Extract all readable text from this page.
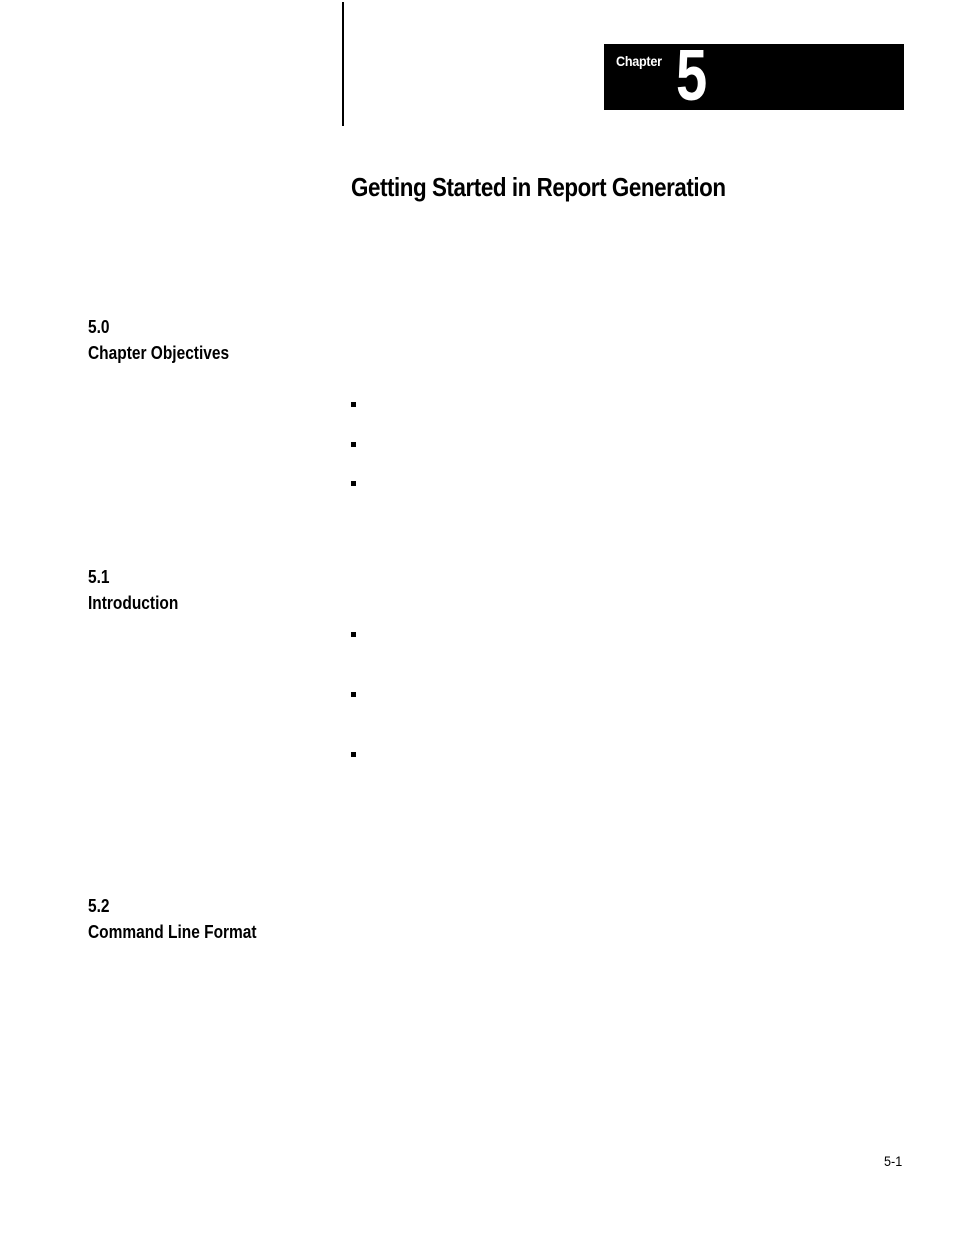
Chapter 5
Getting Started in Report Generation
5.0
Chapter Objectives
5.1
Introduction
5.2
Command Line Format
5-1
